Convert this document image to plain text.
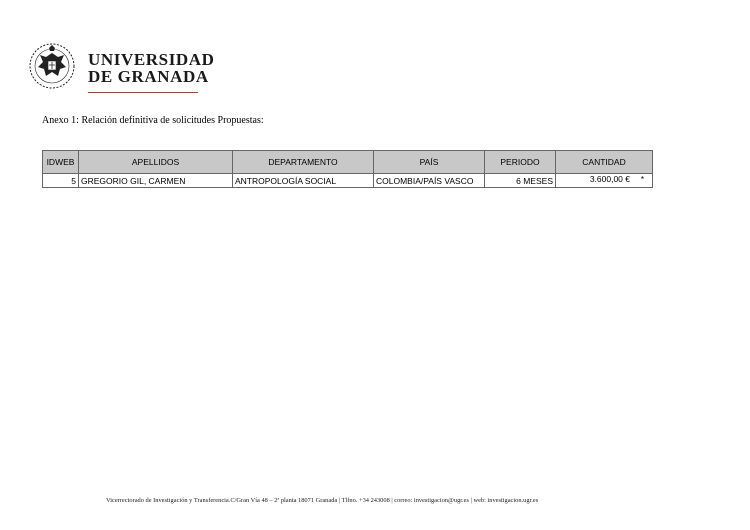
UNIVERSIDAD
DE GRANADA
Anexo 1: Relación definitiva de solicitudes Propuestas:
IDWEB	APELLIDOS	DEPARTAMENTO	PAÍS	PERIODO	CANTIDAD
5	GREGORIO GIL, CARMEN	ANTROPOLOGÍA SOCIAL	COLOMBIA/PAÍS VASCO	6 MESES	3.600,00 € *
Vicerrectorado de Investigación y Transferencia.C/Gran Vía 48 – 2ª planta 18071 Granada | Tlfno. +34 243008 | correo: investigacion@ugr.es | web: investigacion.ugr.es
